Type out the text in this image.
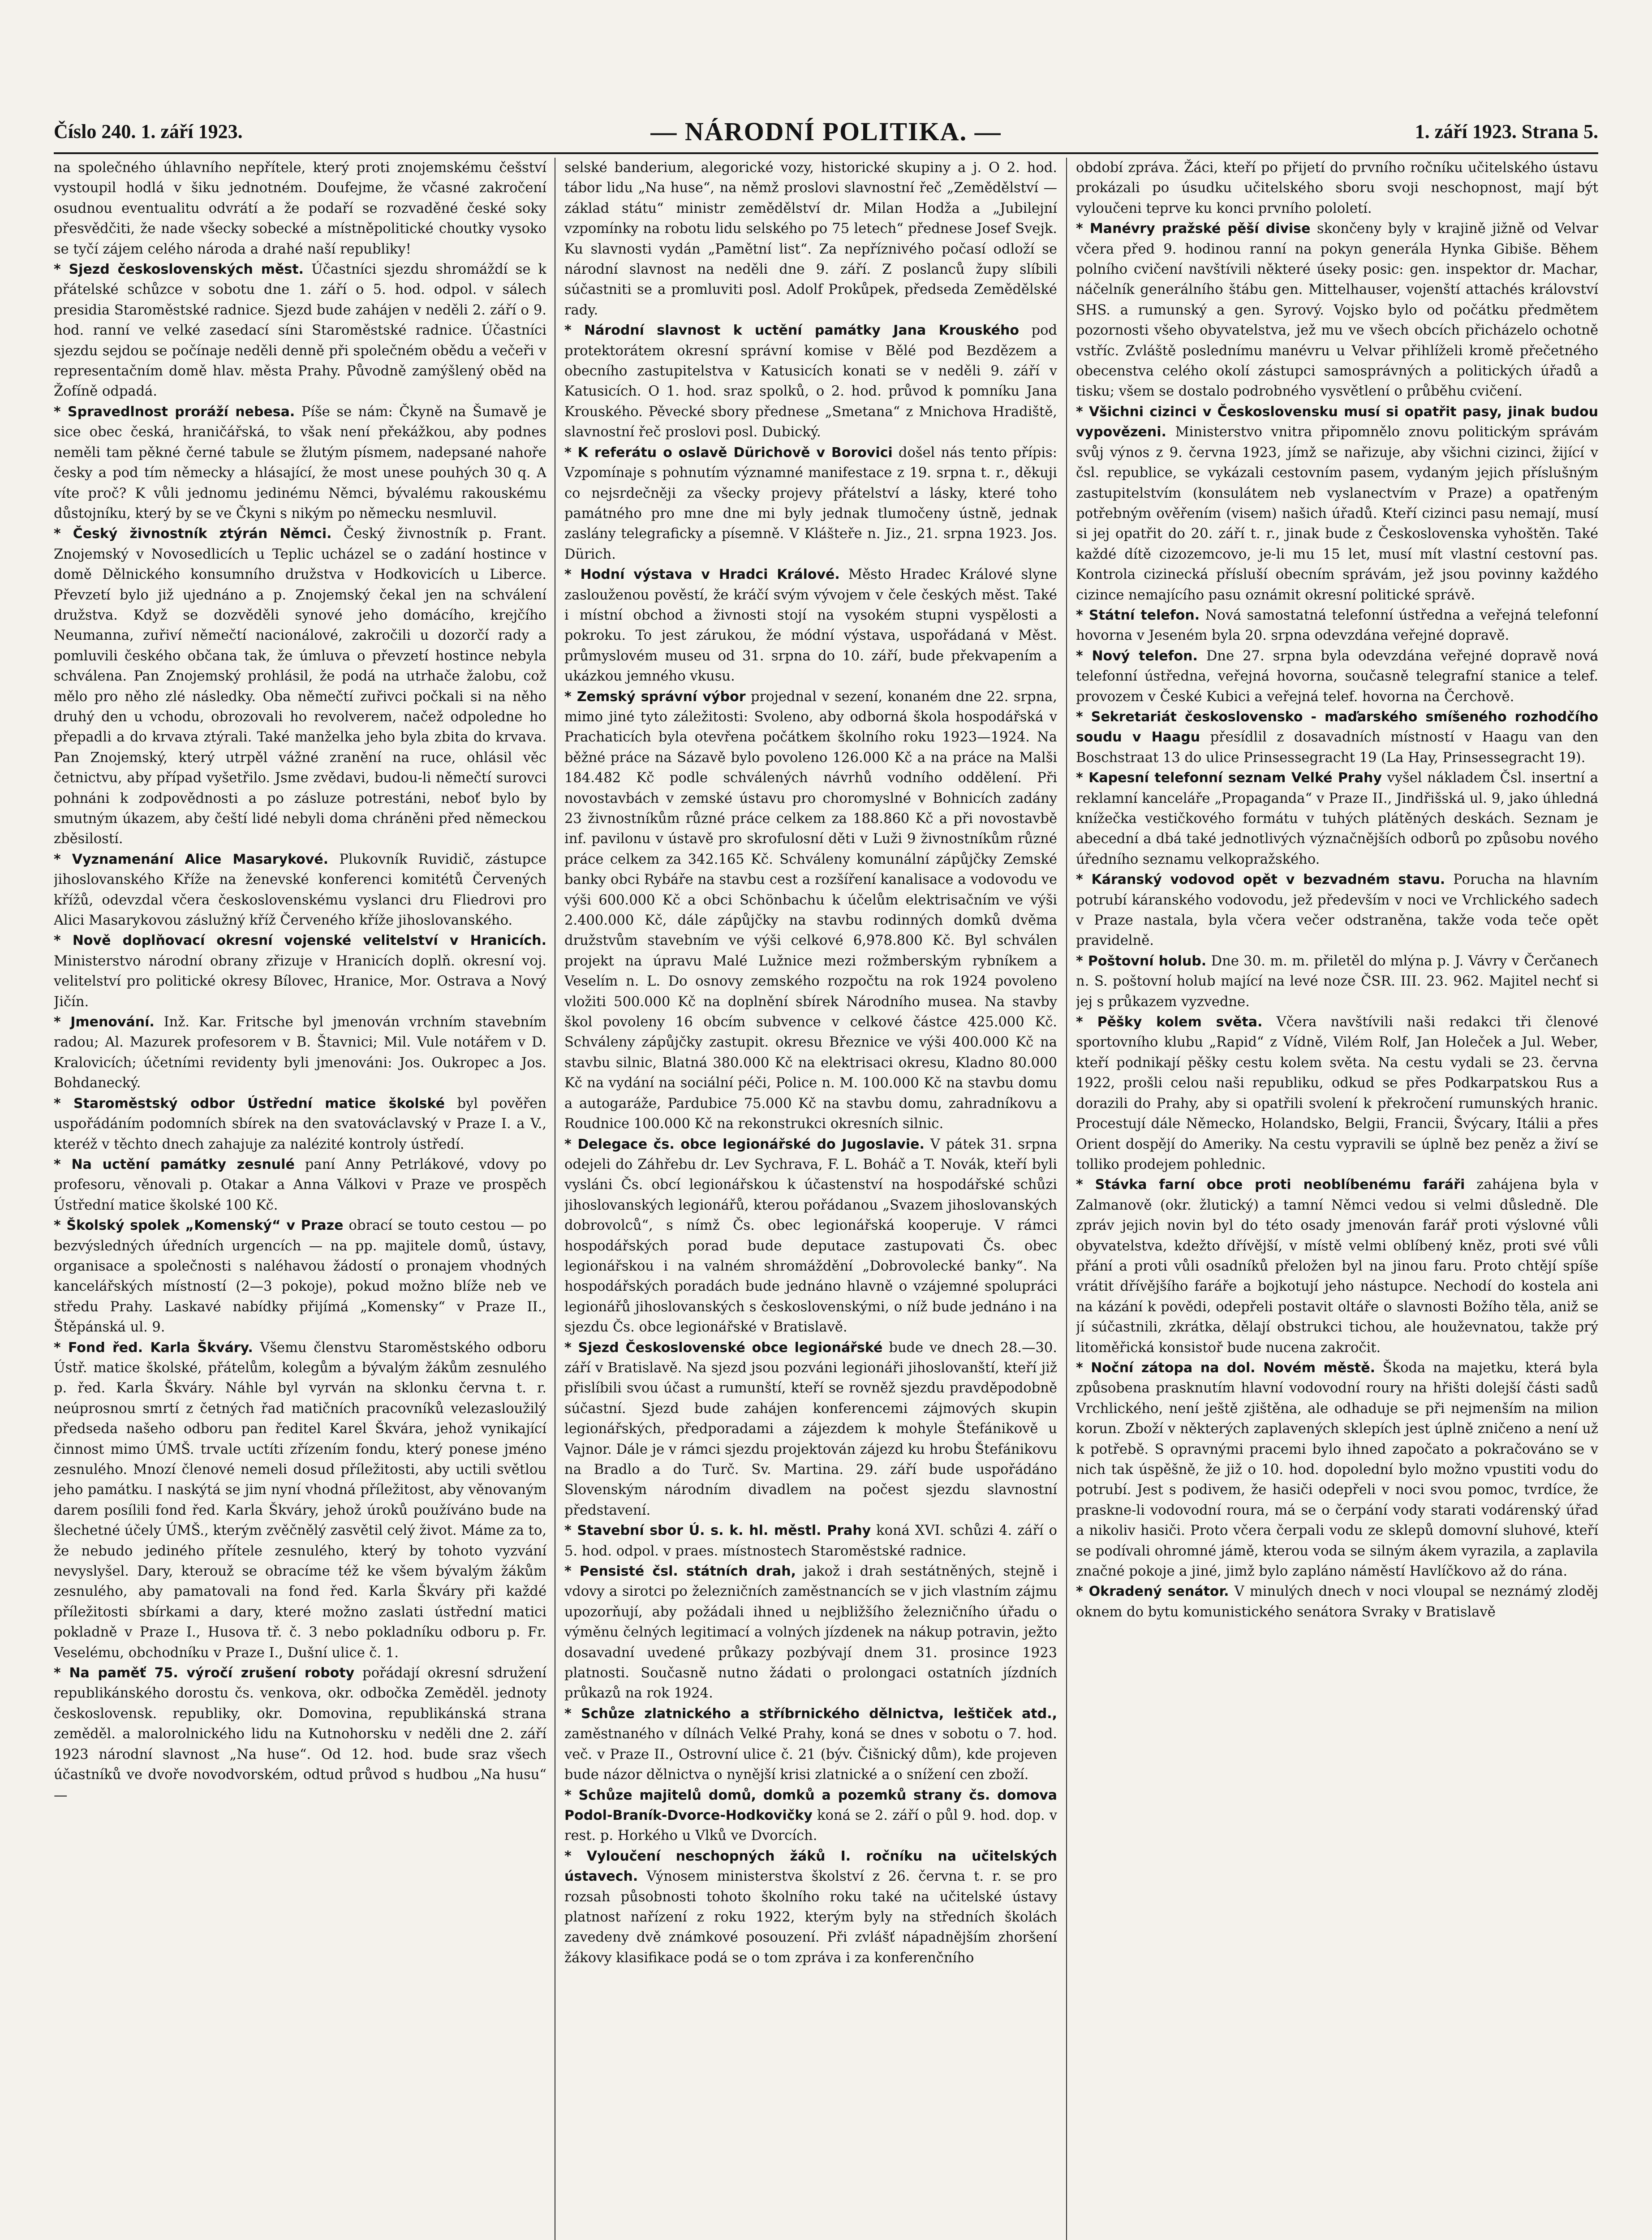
Číslo 240. 1. září 1923.	— NÁRODNÍ POLITIKA. —	1. září 1923. Strana 5.

na společného úhlavního nepřítele, který proti znojemskému češství vystoupil hodlá v šiku jednotném. Doufejme, že včasné zakročení osudnou eventualitu odvrátí a že podaří se rozvaděné české soky přesvědčiti, že nade všecky sobecké a místněpolitické choutky vysoko se tyčí zájem celého národa a drahé naší republiky!

* Sjezd československých měst. Účastníci sjezdu shromáždí se k přátelské schůzce v sobotu dne 1. září o 5. hod. odpol. v sálech presidia Staroměstské radnice. Sjezd bude zahájen v neděli 2. září o 9. hod. ranní ve velké zasedací síni Staroměstské radnice. Účastníci sjezdu sejdou se počínaje neděli denně při společném obědu a večeři v representačním domě hlav. města Prahy. Původně zamýšlený oběd na Žofíně odpadá.

* Spravedlnost proráží nebesa. Píše se nám: Čkyně na Šumavě je sice obec česká, hraničářská, to však není překážkou, aby podnes neměli tam pěkné černé tabule se žlutým písmem, nadepsané nahoře česky a pod tím německy a hlásající, že most unese pouhých 30 q. A víte proč? K vůli jednomu jedinému Němci, bývalému rakouskému důstojníku, který by se ve Čkyni s nikým po německu nesmluvil.

* Český živnostník ztýrán Němci. Český živnostník p. Frant. Znojemský v Novosedlicích u Teplic ucházel se o zadání hostince v domě Dělnického konsumního družstva v Hodkovicích u Liberce. Převzetí bylo již ujednáno a p. Znojemský čekal jen na schválení družstva. Když se dozvěděli synové jeho domácího, krejčího Neumanna, zuřiví němečtí nacionálové, zakročili u dozorčí rady a pomluvili českého občana tak, že úmluva o převzetí hostince nebyla schválena. Pan Znojemský prohlásil, že podá na utrhače žalobu, což mělo pro něho zlé následky. Oba němečtí zuřivci počkali si na něho druhý den u vchodu, obrozovali ho revolverem, načež odpoledne ho přepadli a do krvava ztýrali. Také manželka jeho byla zbita do krvava. Pan Znojemský, který utrpěl vážné zranění na ruce, ohlásil věc četnictvu, aby případ vyšetřilo. Jsme zvědavi, budou-li němečtí surovci pohnáni k zodpovědnosti a po zásluze potrestáni, neboť bylo by smutným úkazem, aby čeští lidé nebyli doma chráněni před německou zběsilostí.

* Vyznamenání Alice Masarykové. Plukovník Ruvidič, zástupce jihoslovanského Kříže na ženevské konferenci komitétů Červených křížů, odevzdal včera československému vyslanci dru Fliedrovi pro Alici Masarykovou záslužný kříž Červeného kříže jihoslovanského.

* Nově doplňovací okresní vojenské velitelství v Hranicích. Ministerstvo národní obrany zřizuje v Hranicích doplň. okresní voj. velitelství pro politické okresy Bílovec, Hranice, Mor. Ostrava a Nový Jičín.

* Jmenování. Inž. Kar. Fritsche byl jmenován vrchním stavebním radou; Al. Mazurek profesorem v B. Štavnici; Mil. Vule notářem v D. Kralovicích; účetními revidenty byli jmenováni: Jos. Oukropec a Jos. Bohdanecký.

* Staroměstský odbor Ústřední matice školské byl pověřen uspořádáním podomních sbírek na den svatováclavský v Praze I. a V., kteréž v těchto dnech zahajuje za nalézité kontroly ústředí.

* Na uctění památky zesnulé paní Anny Petrlákové, vdovy po profesoru, věnovali p. Otakar a Anna Válkovi v Praze ve prospěch Ústřední matice školské 100 Kč.

* Školský spolek „Komenský“ v Praze obrací se touto cestou — po bezvýsledných úředních urgencích — na pp. majitele domů, ústavy, organisace a společnosti s naléhavou žádostí o pronajem vhodných kancelářských místností (2—3 pokoje), pokud možno blíže neb ve středu Prahy. Laskavé nabídky přijímá „Komensky“ v Praze II., Štěpánská ul. 9.

* Fond řed. Karla Škváry. Všemu členstvu Staroměstského odboru Ústř. matice školské, přátelům, kolegům a bývalým žákům zesnulého p. řed. Karla Škváry. Náhle byl vyrván na sklonku června t. r. neúprosnou smrtí z četných řad matičních pracovníků velezasloužilý předseda našeho odboru pan ředitel Karel Škvára, jehož vynikající činnost mimo ÚMŠ. trvale uctíti zřízením fondu, který ponese jméno zesnulého. Mnozí členové nemeli dosud příležitosti, aby uctili světlou jeho památku. I naskýtá se jim nyní vhodná příležitost, aby věnovaným darem posílili fond řed. Karla Škváry, jehož úroků používáno bude na šlechetné účely ÚMŠ., kterým zvěčnělý zasvětil celý život. Máme za to, že nebudo jediného přítele zesnulého, který by tohoto vyzvání nevyslyšel. Dary, kterouž se obracíme též ke všem bývalým žákům zesnulého, aby pamatovali na fond řed. Karla Škváry při každé příležitosti sbírkami a dary, které možno zaslati ústřední matici pokladně v Praze I., Husova tř. č. 3 nebo pokladníku odboru p. Fr. Veselému, obchodníku v Praze I., Dušní ulice č. 1.

* Na paměť 75. výročí zrušení roboty pořádají okresní sdružení republikánského dorostu čs. venkova, okr. odbočka Zeměděl. jednoty československ. republiky, okr. Domovina, republikánská strana zeměděl. a malorolnického lidu na Kutnohorsku v neděli dne 2. září 1923 národní slavnost „Na huse“. Od 12. hod. bude sraz všech účastníků ve dvoře novodvorském, odtud průvod s hudbou „Na husu“ —

selské banderium, alegorické vozy, historické skupiny a j. O 2. hod. tábor lidu „Na huse“, na němž proslovi slavnostní řeč „Zemědělství — základ státu“ ministr zemědělství dr. Milan Hodža a „Jubilejní vzpomínky na robotu lidu selského po 75 letech“ přednese Josef Svejk. Ku slavnosti vydán „Pamětní list“. Za nepříznivého počasí odloží se národní slavnost na neděli dne 9. září. Z poslanců župy slíbili súčastniti se a promluviti posl. Adolf Prokůpek, předseda Zemědělské rady.

* Národní slavnost k uctění památky Jana Krouského pod protektorátem okresní správní komise v Bělé pod Bezdězem a obecního zastupitelstva v Katusicích konati se v neděli 9. září v Katusicích. O 1. hod. sraz spolků, o 2. hod. průvod k pomníku Jana Krouského. Pěvecké sbory přednese „Smetana“ z Mnichova Hradiště, slavnostní řeč proslovi posl. Dubický.

* K referátu o oslavě Dürichově v Borovici došel nás tento přípis: Vzpomínaje s pohnutím významné manifestace z 19. srpna t. r., děkuji co nejsrdečněji za všecky projevy přátelství a lásky, které toho památného pro mne dne mi byly jednak tlumočeny ústně, jednak zaslány telegraficky a písemně. V Klášteře n. Jiz., 21. srpna 1923. Jos. Dürich.

* Hodní výstava v Hradci Králové. Město Hradec Králové slyne zaslouženou pověstí, že kráčí svým vývojem v čele českých měst. Také i místní obchod a živnosti stojí na vysokém stupni vyspělosti a pokroku. To jest zárukou, že módní výstava, uspořádaná v Měst. průmyslovém museu od 31. srpna do 10. září, bude překvapením a ukázkou jemného vkusu.

* Zemský správní výbor projednal v sezení, konaném dne 22. srpna, mimo jiné tyto záležitosti: Svoleno, aby odborná škola hospodářská v Prachaticích byla otevřena počátkem školního roku 1923—1924. Na běžné práce na Sázavě bylo povoleno 126.000 Kč a na práce na Malši 184.482 Kč podle schválených návrhů vodního oddělení. Při novostavbách v zemské ústavu pro choromyslné v Bohnicích zadány 23 živnostníkům různé práce celkem za 188.860 Kč a při novostavbě inf. pavilonu v ústavě pro skrofulosní děti v Luži 9 živnostníkům různé práce celkem za 342.165 Kč. Schváleny komunální zápůjčky Zemské banky obci Rybáře na stavbu cest a rozšíření kanalisace a vodovodu ve výši 600.000 Kč a obci Schönbachu k účelům elektrisačním ve výši 2.400.000 Kč, dále zápůjčky na stavbu rodinných domků dvěma družstvům stavebním ve výši celkové 6,978.800 Kč. Byl schválen projekt na úpravu Malé Lužnice mezi rožmberským rybníkem a Veselím n. L. Do osnovy zemského rozpočtu na rok 1924 povoleno vložiti 500.000 Kč na doplnění sbírek Národního musea. Na stavby škol povoleny 16 obcím subvence v celkové částce 425.000 Kč. Schváleny zápůjčky zastupit. okresu Březnice ve výši 400.000 Kč na stavbu silnic, Blatná 380.000 Kč na elektrisaci okresu, Kladno 80.000 Kč na vydání na sociální péči, Police n. M. 100.000 Kč na stavbu domu a autogaráže, Pardubice 75.000 Kč na stavbu domu, zahradníkovu a Roudnice 100.000 Kč na rekonstrukci okresních silnic.

* Delegace čs. obce legionářské do Jugoslavie. V pátek 31. srpna odejeli do Záhřebu dr. Lev Sychrava, F. L. Boháč a T. Novák, kteří byli vysláni Čs. obcí legionářskou k účastenství na hospodářské schůzi jihoslovanských legionářů, kterou pořádanou „Svazem jihoslovanských dobrovolců“, s nímž Čs. obec legionářská kooperuje. V rámci hospodářských porad bude deputace zastupovati Čs. obec legionářskou i na valném shromáždění „Dobrovolecké banky“. Na hospodářských poradách bude jednáno hlavně o vzájemné spolupráci legionářů jihoslovanských s československými, o níž bude jednáno i na sjezdu Čs. obce legionářské v Bratislavě.

* Sjezd Československé obce legionářské bude ve dnech 28.—30. září v Bratislavě. Na sjezd jsou pozváni legionáři jihoslovanští, kteří již přislíbili svou účast a rumunští, kteří se rovněž sjezdu pravděpodobně súčastní. Sjezd bude zahájen konferencemi zájmových skupin legionářských, předporadami a zájezdem k mohyle Štefánikově u Vajnor. Dále je v rámci sjezdu projektován zájezd ku hrobu Štefánikovu na Bradlo a do Turč. Sv. Martina. 29. září bude uspořádáno Slovenským národním divadlem na počest sjezdu slavnostní představení.

* Stavební sbor Ú. s. k. hl. městl. Prahy koná XVI. schůzi 4. září o 5. hod. odpol. v praes. místnostech Staroměstské radnice.

* Pensisté čsl. státních drah, jakož i drah sestátněných, stejně i vdovy a sirotci po železničních zaměstnancích se v jich vlastním zájmu upozorňují, aby požádali ihned u nejbližšího železničního úřadu o výměnu čelných legitimací a volných jízdenek na nákup potravin, ježto dosavadní uvedené průkazy pozbývají dnem 31. prosince 1923 platnosti. Současně nutno žádati o prolongaci ostatních jízdních průkazů na rok 1924.

* Schůze zlatnického a stříbrnického dělnictva, leštiček atd., zaměstnaného v dílnách Velké Prahy, koná se dnes v sobotu o 7. hod. več. v Praze II., Ostrovní ulice č. 21 (býv. Čišnický dům), kde projeven bude názor dělnictva o nynější krisi zlatnické a o snížení cen zboží.

* Schůze majitelů domů, domků a pozemků strany čs. domova Podol-Braník-Dvorce-Hodkovičky koná se 2. září o půl 9. hod. dop. v rest. p. Horkého u Vlků ve Dvorcích.

* Vyloučení neschopných žáků I. ročníku na učitelských ústavech. Výnosem ministerstva školství z 26. června t. r. se pro rozsah působnosti tohoto školního roku také na učitelské ústavy platnost nařízení z roku 1922, kterým byly na středních školách zavedeny dvě známkové posouzení. Při zvlášť nápadnějším zhoršení žákovy klasifikace podá se o tom zpráva i za konferenčního

období zpráva. Žáci, kteří po přijetí do prvního ročníku učitelského ústavu prokázali po úsudku učitelského sboru svoji neschopnost, mají být vyloučeni teprve ku konci prvního pololetí.

* Manévry pražské pěší divise skončeny byly v krajině jižně od Velvar včera před 9. hodinou ranní na pokyn generála Hynka Gibiše. Během polního cvičení navštívili některé úseky posic: gen. inspektor dr. Machar, náčelník generálního štábu gen. Mittelhauser, vojenští attachés království SHS. a rumunský a gen. Syrový. Vojsko bylo od počátku předmětem pozornosti všeho obyvatelstva, jež mu ve všech obcích přicházelo ochotně vstříc. Zvláště poslednímu manévru u Velvar přihlíželi kromě přečetného obecenstva celého okolí zástupci samosprávných a politických úřadů a tisku; všem se dostalo podrobného vysvětlení o průběhu cvičení.

* Všichni cizinci v Československu musí si opatřit pasy, jinak budou vypovězeni. Ministerstvo vnitra připomnělo znovu politickým správám svůj výnos z 9. června 1923, jímž se nařizuje, aby všichni cizinci, žijící v čsl. republice, se vykázali cestovním pasem, vydaným jejich příslušným zastupitelstvím (konsulátem neb vyslanectvím v Praze) a opatřeným potřebným ověřením (visem) našich úřadů. Kteří cizinci pasu nemají, musí si jej opatřit do 20. září t. r., jinak bude z Československa vyhoštěn. Také každé dítě cizozemcovo, je-li mu 15 let, musí mít vlastní cestovní pas. Kontrola cizinecká přísluší obecním správám, jež jsou povinny každého cizince nemajícího pasu oznámit okresní politické správě.

* Státní telefon. Nová samostatná telefonní ústředna a veřejná telefonní hovorna v Jeseném byla 20. srpna odevzdána veřejné dopravě.

* Nový telefon. Dne 27. srpna byla odevzdána veřejné dopravě nová telefonní ústředna, veřejná hovorna, současně telegrafní stanice a telef. provozem v České Kubici a veřejná telef. hovorna na Čerchově.

* Sekretariát československo - maďarského smíšeného rozhodčího soudu v Haagu přesídlil z dosavadních místností v Haagu van den Boschstraat 13 do ulice Prinsessegracht 19 (La Hay, Prinsessegracht 19).

* Kapesní telefonní seznam Velké Prahy vyšel nákladem Čsl. insertní a reklamní kanceláře „Propaganda“ v Praze II., Jindřišská ul. 9, jako úhledná knížečka vestičkového formátu v tuhých plátěných deskách. Seznam je abecední a dbá také jednotlivých význačnějších odborů po způsobu nového úředního seznamu velkopražského.

* Káranský vodovod opět v bezvadném stavu. Porucha na hlavním potrubí káranského vodovodu, jež především v noci ve Vrchlického sadech v Praze nastala, byla včera večer odstraněna, takže voda teče opět pravidelně.

* Poštovní holub. Dne 30. m. m. přiletěl do mlýna p. J. Vávry v Čerčanech n. S. poštovní holub mající na levé noze ČSR. III. 23. 962. Majitel nechť si jej s průkazem vyzvedne.

* Pěšky kolem světa. Včera navštívili naši redakci tři členové sportovního klubu „Rapid“ z Vídně, Vilém Rolf, Jan Holeček a Jul. Weber, kteří podnikají pěšky cestu kolem světa. Na cestu vydali se 23. června 1922, prošli celou naši republiku, odkud se přes Podkarpatskou Rus a dorazili do Prahy, aby si opatřili svolení k překročení rumunských hranic. Procestují dále Německo, Holandsko, Belgii, Francii, Švýcary, Itálii a přes Orient dospějí do Ameriky. Na cestu vypravili se úplně bez peněz a živí se tolliko prodejem pohlednic.

* Stávka farní obce proti neoblíbenému faráři zahájena byla v Zalmanově (okr. žlutický) a tamní Němci vedou si velmi důsledně. Dle zpráv jejich novin byl do této osady jmenován farář proti výslovné vůli obyvatelstva, kdežto dřívější, v místě velmi oblíbený kněz, proti své vůli přání a proti vůli osadníků přeložen byl na jinou faru. Proto chtějí spíše vrátit dřívějšího faráře a bojkotují jeho nástupce. Nechodí do kostela ani na kázání k povědi, odepřeli postavit oltáře o slavnosti Božího těla, aniž se jí súčastnili, zkrátka, dělají obstrukci tichou, ale houževnatou, takže prý litoměřická konsistoř bude nucena zakročit.

* Noční zátopa na dol. Novém městě. Škoda na majetku, která byla způsobena prasknutím hlavní vodovodní roury na hřišti dolejší části sadů Vrchlického, není ještě zjištěna, ale odhaduje se při nejmenším na milion korun. Zboží v některých zaplavených sklepích jest úplně zničeno a není už k potřebě. S opravnými pracemi bylo ihned započato a pokračováno se v nich tak úspěšně, že již o 10. hod. dopolední bylo možno vpustiti vodu do potrubí. Jest s podivem, že hasiči odepřeli v noci svou pomoc, tvrdíce, že praskne-li vodovodní roura, má se o čerpání vody starati vodárenský úřad a nikoliv hasiči. Proto včera čerpali vodu ze sklepů domovní sluhové, kteří se podívali ohromné jámě, kterou voda se silným ákem vyrazila, a zaplavila značné pokoje a jiné, jimž bylo zapláno náměstí Havlíčkovo až do rána.

* Okradený senátor. V minulých dnech v noci vloupal se neznámý zloděj oknem do bytu komunistického senátora Svraky v Bratislavě
